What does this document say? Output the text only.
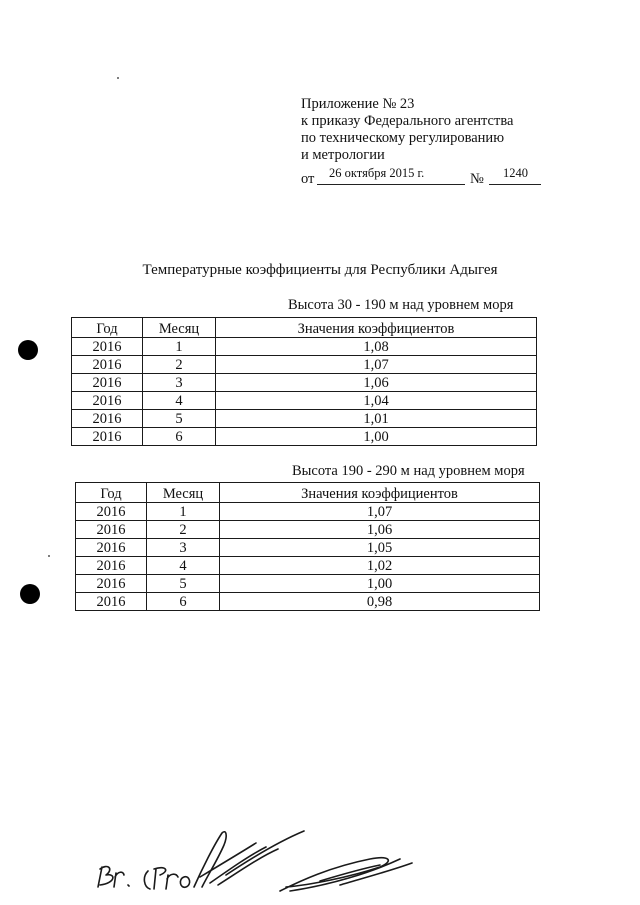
Приложение № 23
к приказу Федерального агентства
по техническому регулированию
и метрологии
от 26 октября 2015 г.	№ 1240
Температурные коэффициенты для Республики Адыгея
Высота 30 - 190 м над уровнем моря
Год	Месяц	Значения коэффициентов
2016	1	1,08
2016	2	1,07
2016	3	1,06
2016	4	1,04
2016	5	1,01
2016	6	1,00
Высота 190 - 290 м над уровнем моря
Год	Месяц	Значения коэффициентов
2016	1	1,07
2016	2	1,06
2016	3	1,05
2016	4	1,02
2016	5	1,00
2016	6	0,98
